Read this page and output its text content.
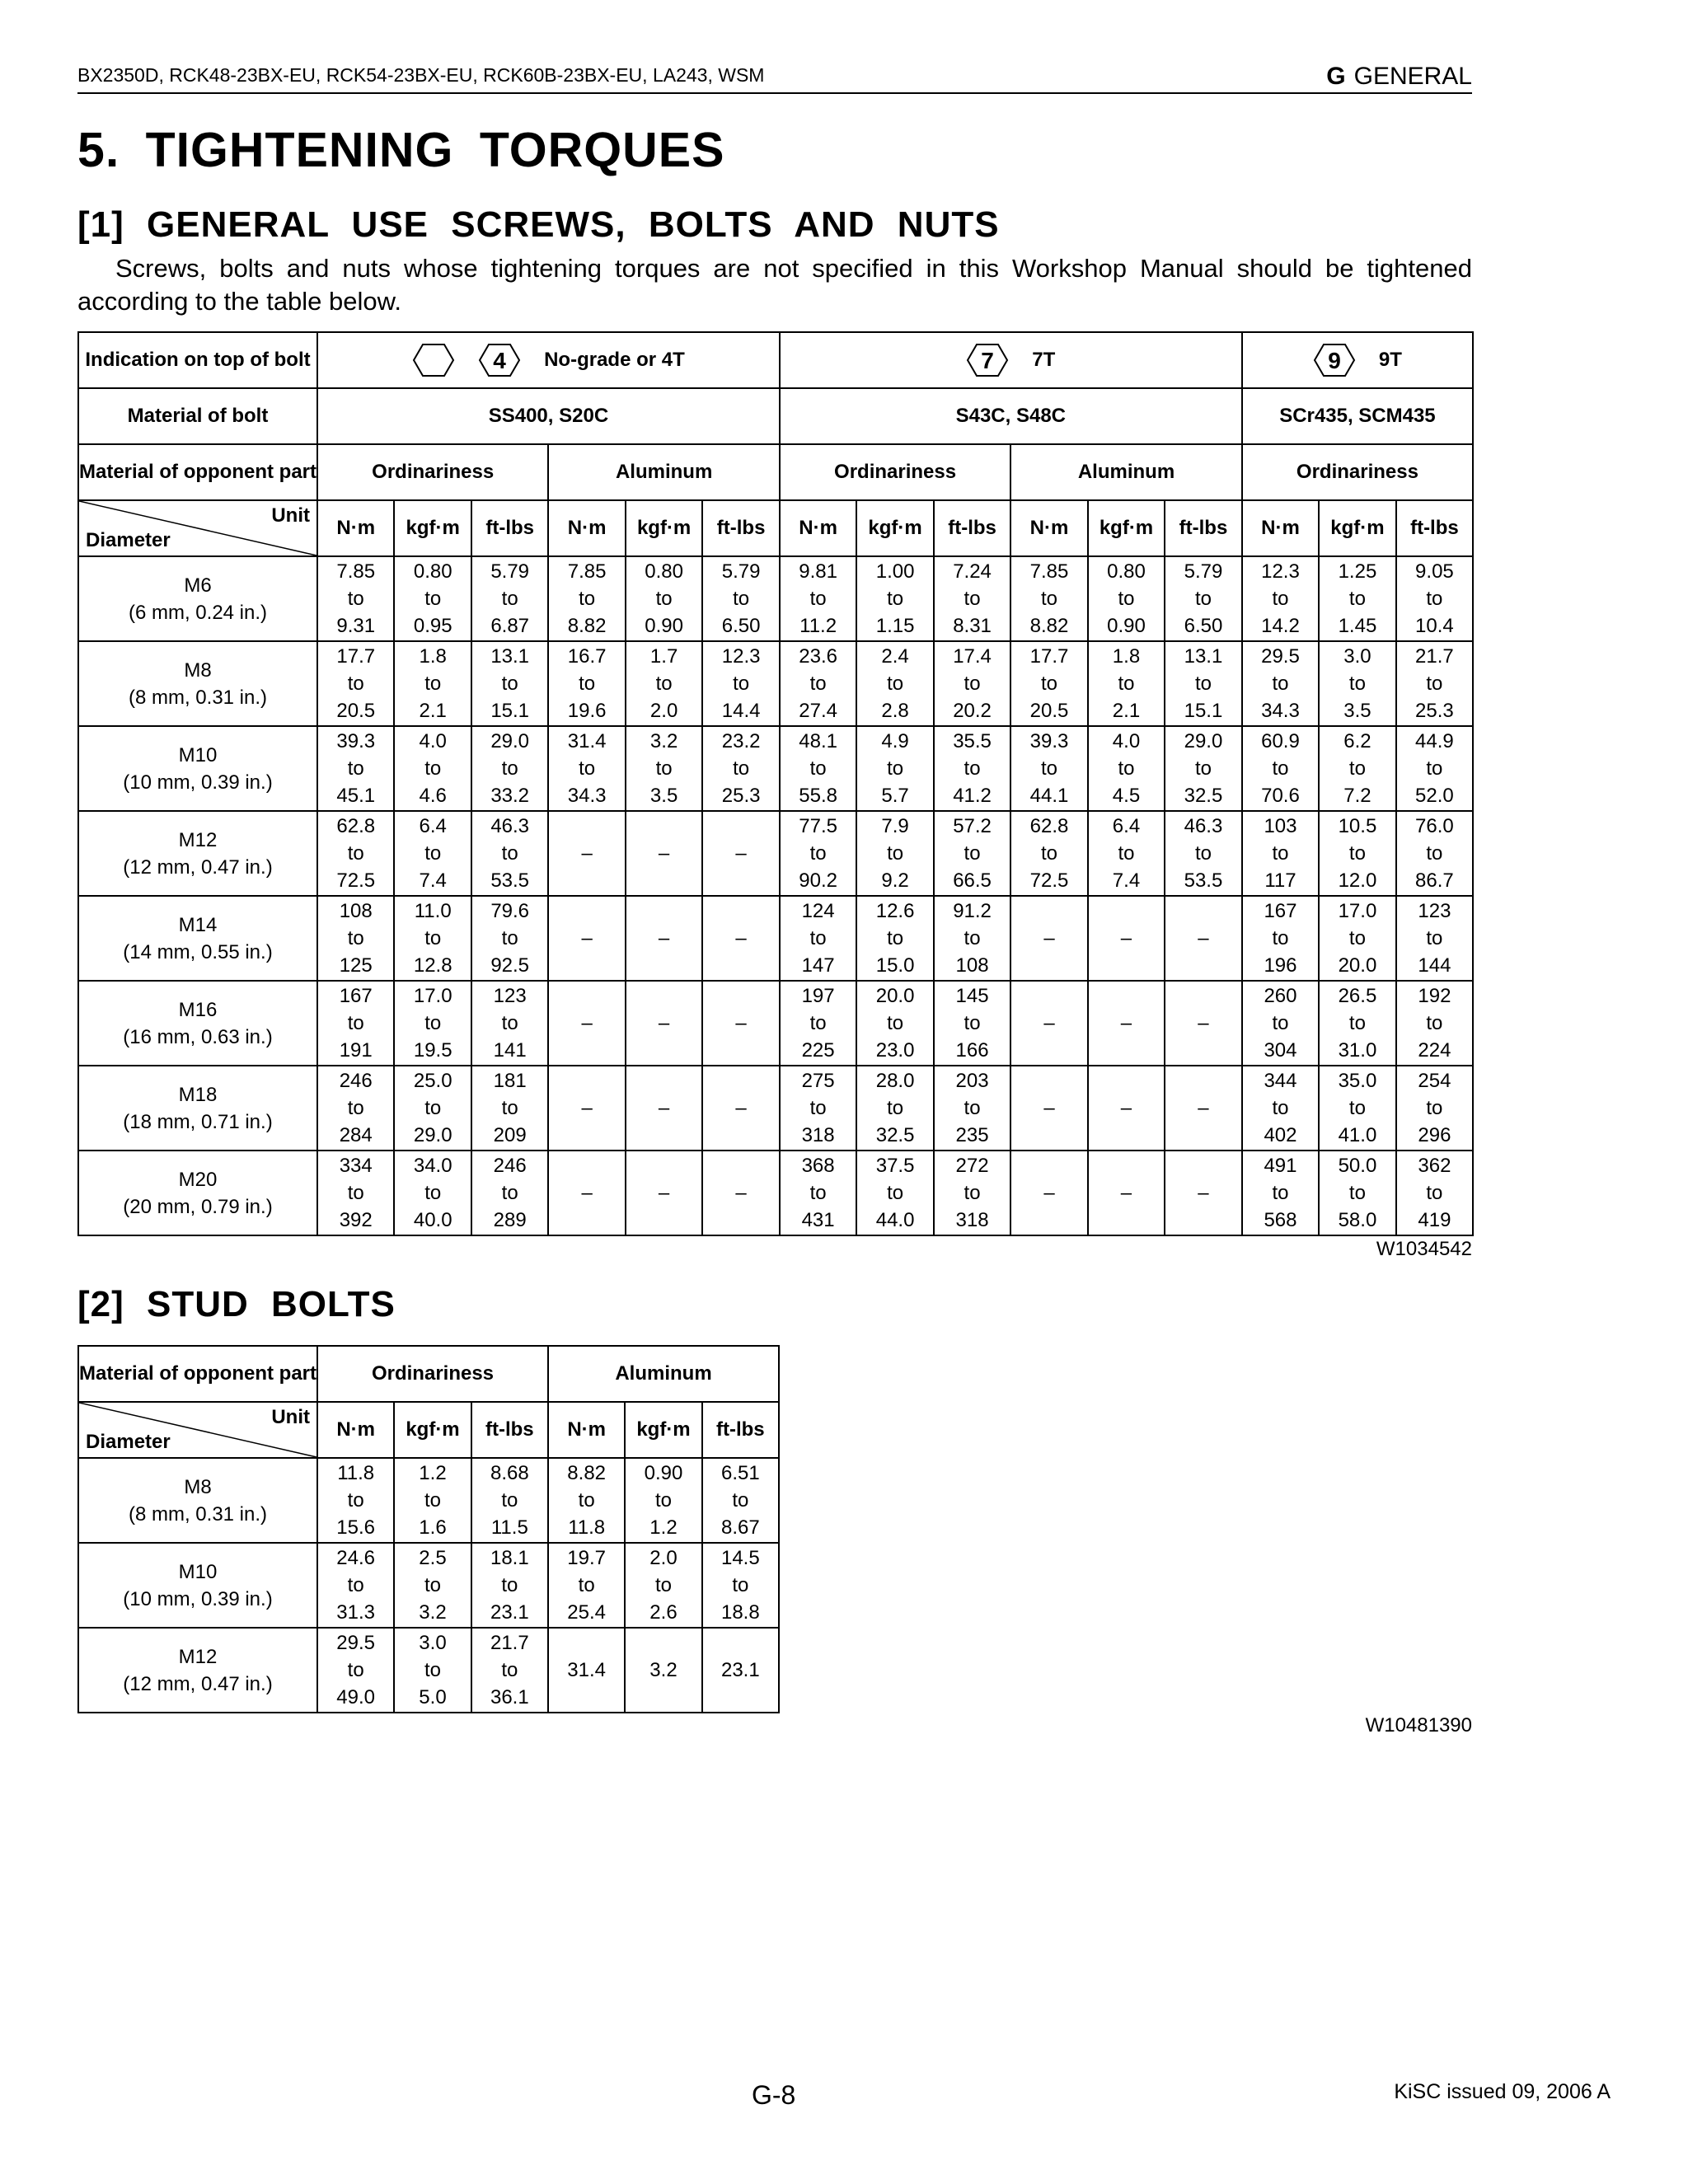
BX2350D, RCK48-23BX-EU, RCK54-23BX-EU, RCK60B-23BX-EU, LA243, WSM	G GENERAL
5. TIGHTENING TORQUES
[1] GENERAL USE SCREWS, BOLTS AND NUTS
Screws, bolts and nuts whose tightening torques are not specified in this Workshop Manual should be tightened according to the table below.
Indication on top of bolt	4 No-grade or 4T						7 7T						9 9T		

Material of bolt	SS400, S20C						S43C, S48C						SCr435, SCM435		
Material of opponent part	Ordinariness			Aluminum			Ordinariness			Aluminum			Ordinariness		

Unit
Diameter	N·m	kgf·m	ft-lbs	N·m	kgf·m	ft-lbs	N·m	kgf·m	ft-lbs	N·m	kgf·m	ft-lbs	N·m	kgf·m	ft-lbs

M6
(6 mm, 0.24 in.)	7.85
to
9.31	0.80
to
0.95	5.79
to
6.87	7.85
to
8.82	0.80
to
0.90	5.79
to
6.50	9.81
to
11.2	1.00
to
1.15	7.24
to
8.31	7.85
to
8.82	0.80
to
0.90	5.79
to
6.50	12.3
to
14.2	1.25
to
1.45	9.05
to
10.4

M8
(8 mm, 0.31 in.)	17.7
to
20.5	1.8
to
2.1	13.1
to
15.1	16.7
to
19.6	1.7
to
2.0	12.3
to
14.4	23.6
to
27.4	2.4
to
2.8	17.4
to
20.2	17.7
to
20.5	1.8
to
2.1	13.1
to
15.1	29.5
to
34.3	3.0
to
3.5	21.7
to
25.3

M10
(10 mm, 0.39 in.)	39.3
to
45.1	4.0
to
4.6	29.0
to
33.2	31.4
to
34.3	3.2
to
3.5	23.2
to
25.3	48.1
to
55.8	4.9
to
5.7	35.5
to
41.2	39.3
to
44.1	4.0
to
4.5	29.0
to
32.5	60.9
to
70.6	6.2
to
7.2	44.9
to
52.0

M12
(12 mm, 0.47 in.)	62.8
to
72.5	6.4
to
7.4	46.3
to
53.5	–	–	–	77.5
to
90.2	7.9
to
9.2	57.2
to
66.5	62.8
to
72.5	6.4
to
7.4	46.3
to
53.5	103
to
117	10.5
to
12.0	76.0
to
86.7

M14
(14 mm, 0.55 in.)	108
to
125	11.0
to
12.8	79.6
to
92.5	–	–	–	124
to
147	12.6
to
15.0	91.2
to
108	–	–	–	167
to
196	17.0
to
20.0	123
to
144

M16
(16 mm, 0.63 in.)	167
to
191	17.0
to
19.5	123
to
141	–	–	–	197
to
225	20.0
to
23.0	145
to
166	–	–	–	260
to
304	26.5
to
31.0	192
to
224

M18
(18 mm, 0.71 in.)	246
to
284	25.0
to
29.0	181
to
209	–	–	–	275
to
318	28.0
to
32.5	203
to
235	–	–	–	344
to
402	35.0
to
41.0	254
to
296

M20
(20 mm, 0.79 in.)	334
to
392	34.0
to
40.0	246
to
289	–	–	–	368
to
431	37.5
to
44.0	272
to
318	–	–	–	491
to
568	50.0
to
58.0	362
to
419
W1034542
[2] STUD BOLTS
Material of opponent part	Ordinariness			Aluminum		

Unit
Diameter	N·m	kgf·m	ft-lbs	N·m	kgf·m	ft-lbs

M8
(8 mm, 0.31 in.)	11.8
to
15.6	1.2
to
1.6	8.68
to
11.5	8.82
to
11.8	0.90
to
1.2	6.51
to
8.67

M10
(10 mm, 0.39 in.)	24.6
to
31.3	2.5
to
3.2	18.1
to
23.1	19.7
to
25.4	2.0
to
2.6	14.5
to
18.8

M12
(12 mm, 0.47 in.)	29.5
to
49.0	3.0
to
5.0	21.7
to
36.1	31.4	3.2	23.1
W10481390
G-8	KiSC issued 09, 2006 A
